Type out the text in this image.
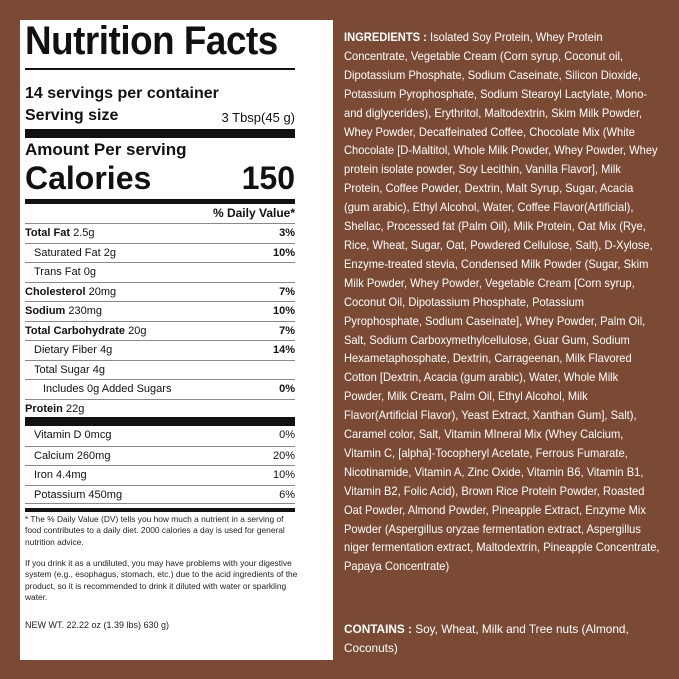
Nutrition Facts
14 servings per container
Serving size	3 Tbsp(45 g)
Amount Per serving
Calories	150
% Daily Value*
Total Fat 2.5g	3%
Saturated Fat 2g	10%
Trans Fat 0g
Cholesterol 20mg	7%
Sodium 230mg	10%
Total Carbohydrate 20g	7%
Dietary Fiber 4g	14%
Total Sugar 4g
Includes 0g Added Sugars	0%
Protein 22g
Vitamin D 0mcg	0%
Calcium 260mg	20%
Iron 4.4mg	10%
Potassium 450mg	6%
* The % Daily Value (DV) tells you how much a nutrient in a serving of food contributes to a daily diet. 2000 calories a day is used for general nutrition advice.
If you drink it as a undiluted, you may have problems with your digestive system (e.g., esophagus, stomach, etc.) due to the acid ingredients of the product, so it is recommended to drink it diluted with water or sparkling water.
NEW WT. 22.22 oz (1.39 lbs) 630 g)
INGREDIENTS : Isolated Soy Protein, Whey Protein Concentrate, Vegetable Cream (Corn syrup, Coconut oil, Dipotassium Phosphate, Sodium Caseinate, Silicon Dioxide, Potassium Pyrophosphate, Sodium Stearoyl Lactylate, Mono- and diglycerides), Erythritol, Maltodextrin, Skim Milk Powder, Whey Powder, Decaffeinated Coffee, Chocolate Mix (White Chocolate [D-Maltitol, Whole Milk Powder, Whey Powder, Whey protein isolate powder, Soy Lecithin, Vanilla Flavor], Milk Protein, Coffee Powder, Dextrin, Malt Syrup, Sugar, Acacia (gum arabic), Ethyl Alcohol, Water, Coffee Flavor(Artificial), Shellac, Processed fat (Palm Oil), Milk Protein, Oat Mix (Rye, Rice, Wheat, Sugar, Oat, Powdered Cellulose, Salt), D-Xylose, Enzyme-treated stevia, Condensed Milk Powder (Sugar, Skim Milk Powder, Whey Powder, Vegetable Cream [Corn syrup, Coconut Oil, Dipotassium Phosphate, Potassium Pyrophosphate, Sodium Caseinate], Whey Powder, Palm Oil, Salt, Sodium Carboxymethylcellulose, Guar Gum, Sodium Hexametaphosphate, Dextrin, Carrageenan, Milk Flavored Cotton [Dextrin, Acacia (gum arabic), Water, Whole Milk Powder, Milk Cream, Palm Oil, Ethyl Alcohol, Milk Flavor(Artificial Flavor), Yeast Extract, Xanthan Gum], Salt), Caramel color, Salt, Vitamin MIneral Mix (Whey Calcium, Vitamin C, [alpha]-Tocopheryl Acetate, Ferrous Fumarate, Nicotinamide, Vitamin A, Zinc Oxide, Vitamin B6, Vitamin B1, Vitamin B2, Folic Acid), Brown Rice Protein Powder, Roasted Oat Powder, Almond Powder, Pineapple Extract, Enzyme Mix Powder (Aspergillus oryzae fermentation extract, Aspergillus niger fermentation extract, Maltodextrin, Pineapple Concentrate, Papaya Concentrate)
CONTAINS : Soy, Wheat, Milk and Tree nuts (Almond, Coconuts)
